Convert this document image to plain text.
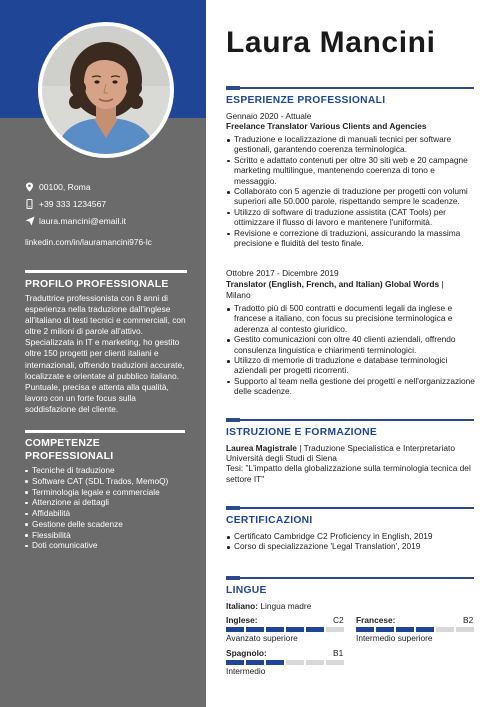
00100, Roma
+39 333 1234567
laura.mancini@email.it
linkedin.com/in/lauramancini976-lc
PROFILO PROFESSIONALE
Traduttrice professionista con 8 anni di esperienza nella traduzione dall'inglese all'italiano di testi tecnici e commerciali, con oltre 2 milioni di parole all'attivo. Specializzata in IT e marketing, ho gestito oltre 150 progetti per clienti italiani e internazionali, offrendo traduzioni accurate, localizzate e orientate al pubblico italiano. Puntuale, precisa e attenta alla qualità, lavoro con un forte focus sulla soddisfazione del cliente.
COMPETENZE PROFESSIONALI
Tecniche di traduzione
Software CAT (SDL Trados, MemoQ)
Terminologia legale e commerciale
Attenzione ai dettagli
Affidabilità
Gestione delle scadenze
Flessibilità
Doti comunicative
Laura Mancini
ESPERIENZE PROFESSIONALI
Gennaio 2020 - Attuale
Freelance Translator Various Clients and Agencies
Traduzione e localizzazione di manuali tecnici per software gestionali, garantendo coerenza terminologica.
Scritto e adattato contenuti per oltre 30 siti web e 20 campagne marketing multilingue, mantenendo coerenza di tono e messaggio.
Collaborato con 5 agenzie di traduzione per progetti con volumi superiori alle 50.000 parole, rispettando sempre le scadenze.
Utilizzo di software di traduzione assistita (CAT Tools) per ottimizzare il flusso di lavoro e mantenere l'uniformità.
Revisione e correzione di traduzioni, assicurando la massima precisione e fluidità del testo finale.
Ottobre 2017 - Dicembre 2019
Translator (English, French, and Italian) Global Words | Milano
Tradotto più di 500 contratti e documenti legali da inglese e francese a italiano, con focus su precisione terminologica e aderenza al contesto giuridico.
Gestito comunicazioni con oltre 40 clienti aziendali, offrendo consulenza linguistica e chiarimenti terminologici.
Utilizzo di memorie di traduzione e database terminologici aziendali per progetti ricorrenti.
Supporto al team nella gestione dei progetti e nell'organizzazione delle scadenze.
ISTRUZIONE E FORMAZIONE
Laurea Magistrale | Traduzione Specialistica e Interpretariato
Università degli Studi di Siena
Tesi: "L'impatto della globalizzazione sulla terminologia tecnica del settore IT"
CERTIFICAZIONI
Certificato Cambridge C2 Proficiency in English, 2019
Corso di specializzazione 'Legal Translation', 2019
LINGUE
Italiano: Lingua madre
Inglese:	C2
Avanzato superiore
Francese:	B2
Intermedio superiore
Spagnolo:	B1
Intermedio
